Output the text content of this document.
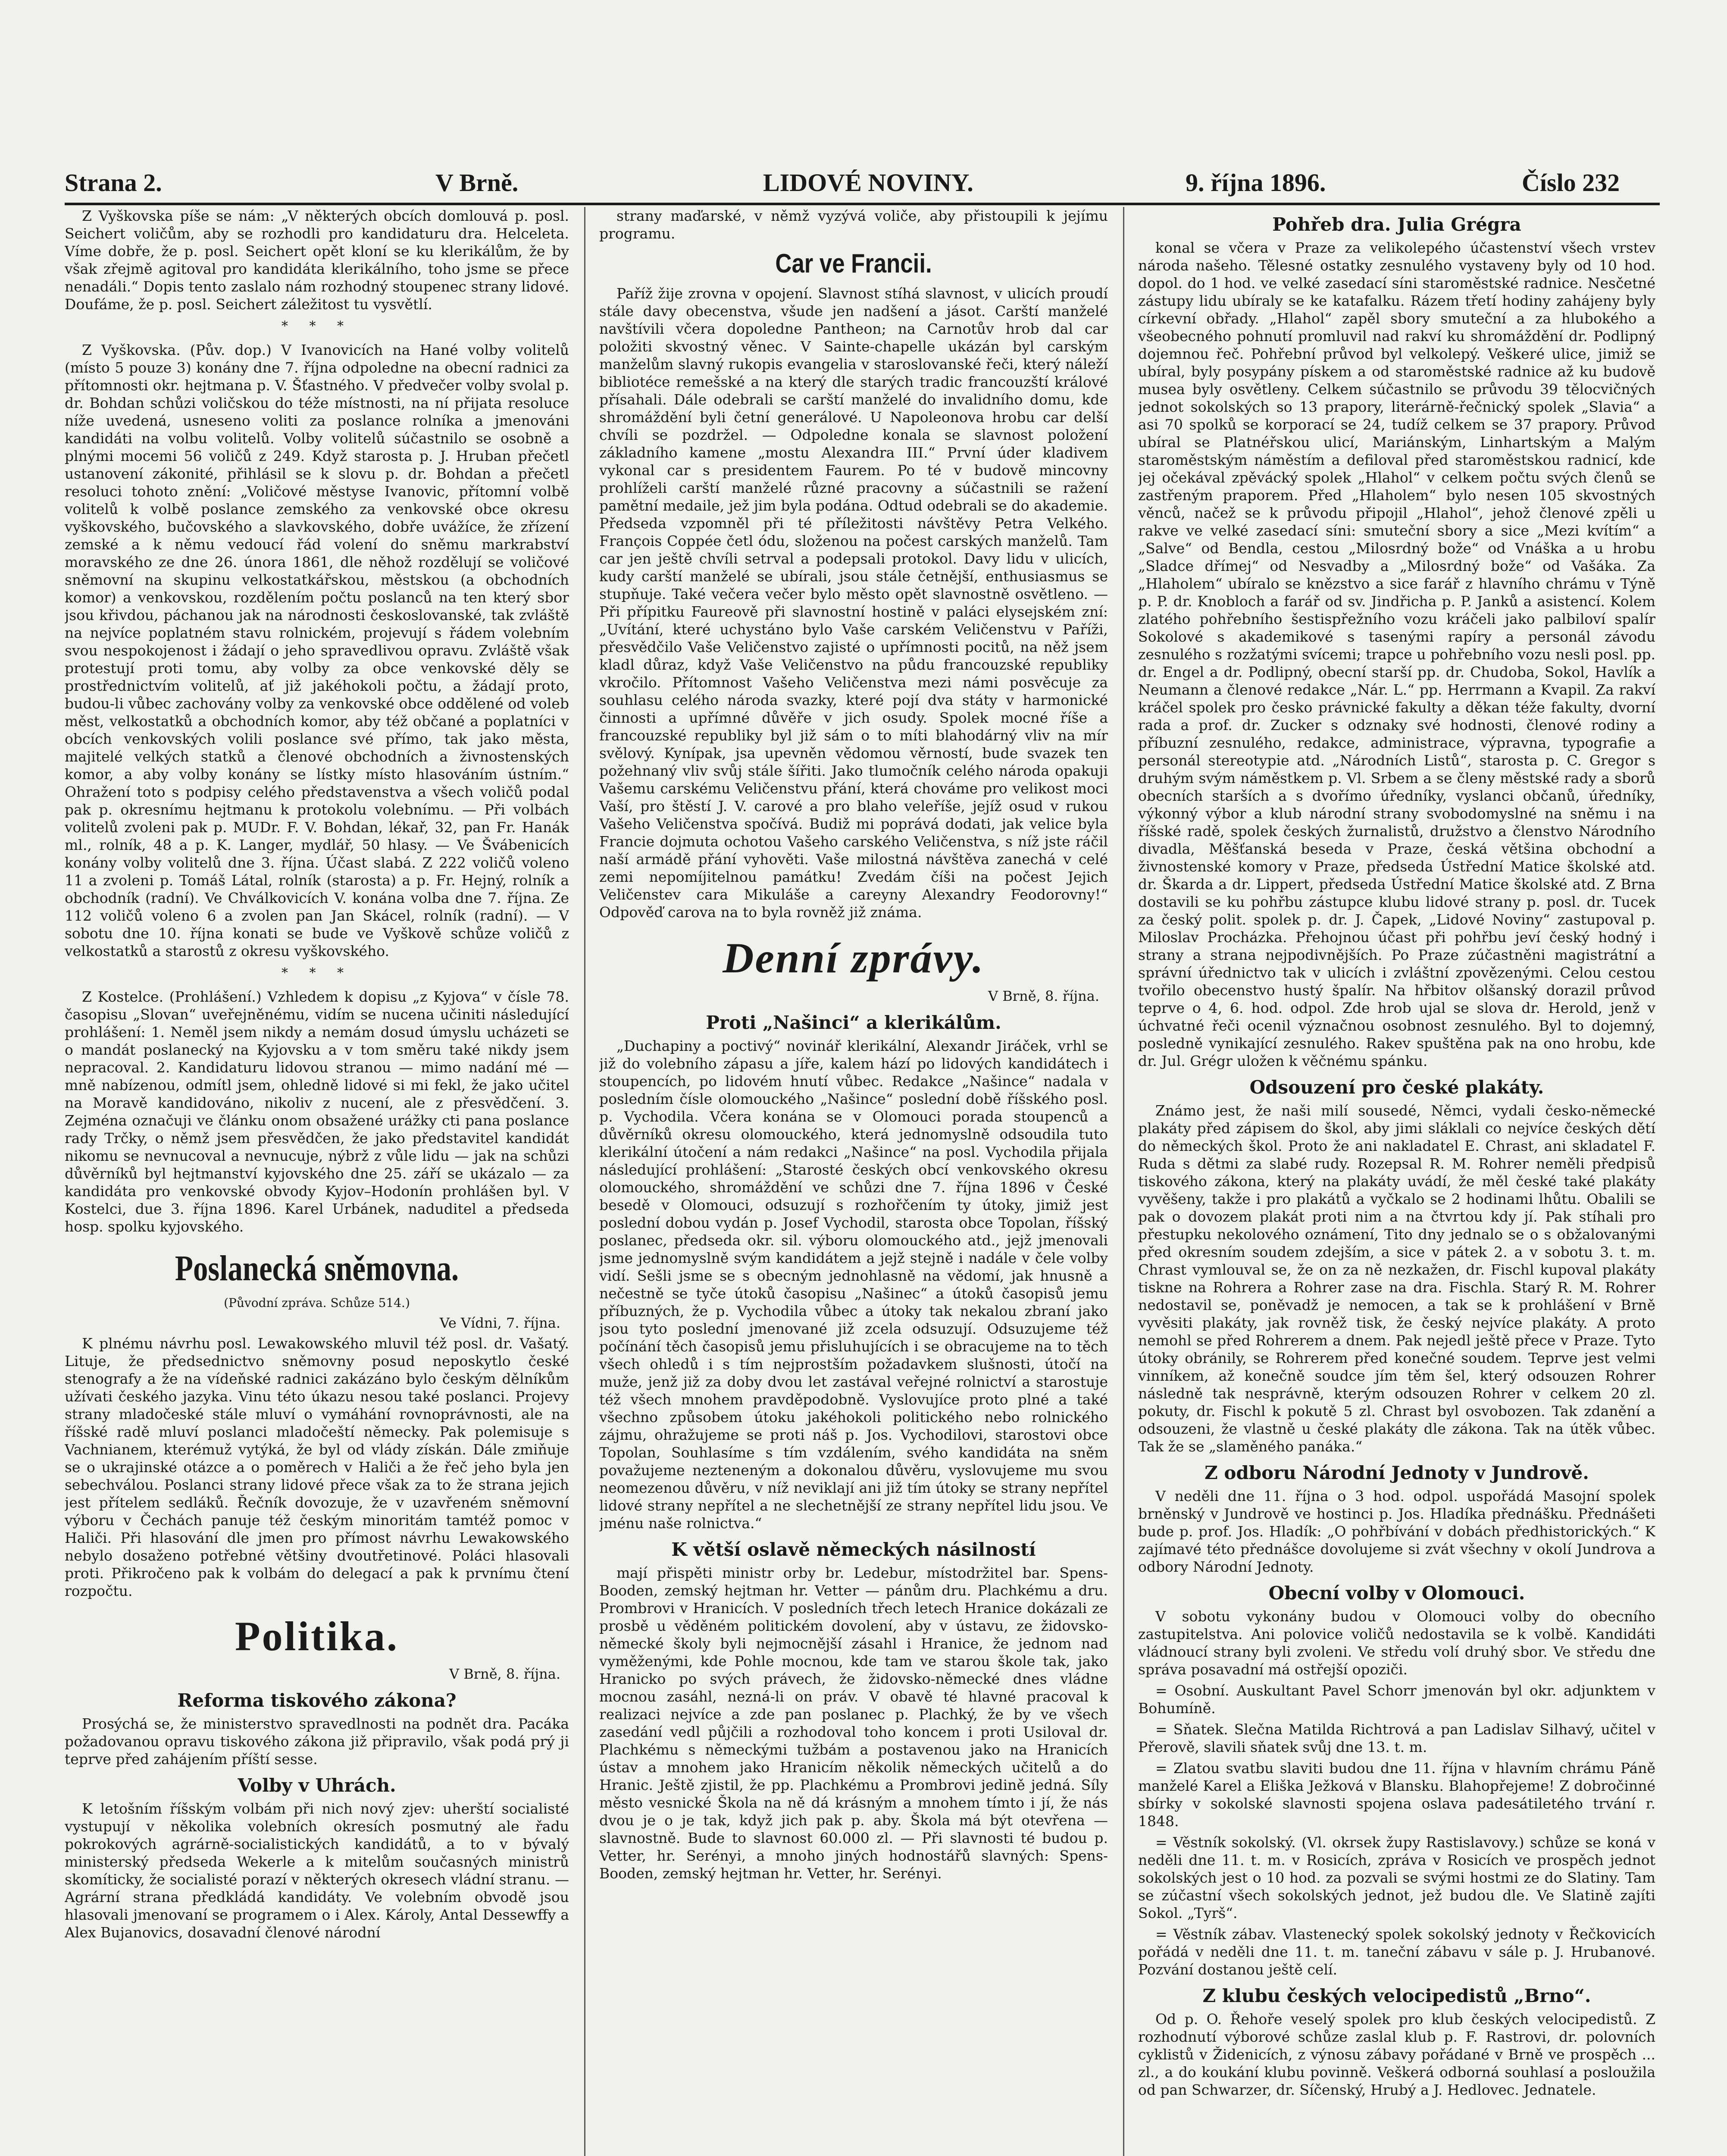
Strana 2.	V Brně.	LIDOVÉ NOVINY.	9. října 1896.	Číslo 232

Z Vyškovska píše se nám: „V některých obcích domlouvá p. posl. Seichert voličům, aby se rozhodli pro kandidaturu dra. Helceleta. Víme dobře, že p. posl. Seichert opět kloní se ku klerikálům, že by však zřejmě agitoval pro kandidáta klerikálního, toho jsme se přece nenadáli.“ Dopis tento zaslalo nám rozhodný stoupenec strany lidové. Doufáme, že p. posl. Seichert záležitost tu vysvětlí.

* * *

Z Vyškovska. (Pův. dop.) V Ivanovicích na Hané volby volitelů (místo 5 pouze 3) konány dne 7. října odpoledne na obecní radnici za přítomnosti okr. hejtmana p. V. Šťastného. V předvečer volby svolal p. dr. Bohdan schůzi voličskou do téže místnosti, na ní přijata resoluce níže uvedená, usneseno voliti za poslance rolníka a jmenováni kandidáti na volbu volitelů. Volby volitelů súčastnilo se osobně a plnými mocemi 56 voličů z 249. Když starosta p. J. Hruban přečetl ustanovení zákonité, přihlásil se k slovu p. dr. Bohdan a přečetl resoluci tohoto znění: „Voličové městyse Ivanovic, přítomní volbě volitelů k volbě poslance zemského za venkovské obce okresu vyškovského, bučovského a slavkovského, dobře uvážíce, že zřízení zemské a k němu vedoucí řád volení do sněmu markrabství moravského ze dne 26. února 1861, dle něhož rozdělují se voličové sněmovní na skupinu velkostatkářskou, městskou (a obchodních komor) a venkovskou, rozdělením počtu poslanců na ten který sbor jsou křivdou, páchanou jak na národnosti českoslovanské, tak zvláště na nejvíce poplatném stavu rolnickém, projevují s řádem volebním svou nespokojenost i žádají o jeho spravedlivou opravu. Zvláště však protestují proti tomu, aby volby za obce venkovské děly se prostřednictvím volitelů, ať již jakéhokoli počtu, a žádají proto, budou-li vůbec zachovány volby za venkovské obce oddělené od voleb měst, velkostatků a obchodních komor, aby též občané a poplatníci v obcích venkovských volili poslance své přímo, tak jako města, majitelé velkých statků a členové obchodních a živnostenských komor, a aby volby konány se lístky místo hlasováním ústním.“ Ohražení toto s podpisy celého představenstva a všech voličů podal pak p. okresnímu hejtmanu k protokolu volebnímu. — Při volbách volitelů zvoleni pak p. MUDr. F. V. Bohdan, lékař, 32, pan Fr. Hanák ml., rolník, 48 a p. K. Langer, mydlář, 50 hlasy. — Ve Švábenicích konány volby volitelů dne 3. října. Účast slabá. Z 222 voličů voleno 11 a zvoleni p. Tomáš Látal, rolník (starosta) a p. Fr. Hejný, rolník a obchodník (radní). Ve Chválkovicích V. konána volba dne 7. října. Ze 112 voličů voleno 6 a zvolen pan Jan Skácel, rolník (radní). — V sobotu dne 10. října konati se bude ve Vyškově schůze voličů z velkostatků a starostů z okresu vyškovského.

* * *

Z Kostelce. (Prohlášení.) Vzhledem k dopisu „z Kyjova“ v čísle 78. časopisu „Slovan“ uveřejněnému, vidím se nucena učiniti následující prohlášení: 1. Neměl jsem nikdy a nemám dosud úmyslu ucházeti se o mandát poslanecký na Kyjovsku a v tom směru také nikdy jsem nepracoval. 2. Kandidaturu lidovou stranou — mimo nadání mé — mně nabízenou, odmítl jsem, ohledně lidové si mi fekl, že jako učitel na Moravě kandidováno, nikoliv z nucení, ale z přesvědčení. 3. Zejména označuji ve článku onom obsažené urážky cti pana poslance rady Trčky, o němž jsem přesvědčen, že jako představitel kandidát nikomu se nevnucoval a nevnucuje, nýbrž z vůle lidu — jak na schůzi důvěrníků byl hejtmanství kyjovského dne 25. září se ukázalo — za kandidáta pro venkovské obvody Kyjov–Hodonín prohlášen byl. V Kostelci, due 3. října 1896. Karel Urbánek, naduditel a předseda hosp. spolku kyjovského.

Poslanecká sněmovna.
(Původní zpráva. Schůze 514.)
Ve Vídni, 7. října.

K plnému návrhu posl. Lewakowského mluvil též posl. dr. Vašatý. Lituje, že předsednictvo sněmovny posud neposkytlo české stenografy a že na vídeňské radnici zakázáno bylo českým dělníkům užívati českého jazyka. Vinu této úkazu nesou také poslanci. Projevy strany mladočeské stále mluví o vymáhání rovnoprávnosti, ale na říšské radě mluví poslanci mladočeští německy. Pak polemisuje s Vachnianem, kterémuž vytýká, že byl od vlády získán. Dále zmiňuje se o ukrajinské otázce a o poměrech v Haliči a že řeč jeho byla jen sebechválou. Poslanci strany lidové přece však za to že strana jejich jest přítelem sedláků. Řečník dovozuje, že v uzavřeném sněmovní výboru v Čechách panuje též českým minoritám tamtéž pomoc v Haliči. Při hlasování dle jmen pro přímost návrhu Lewakowského nebylo dosaženo potřebné většiny dvoutřetinové. Poláci hlasovali proti. Přikročeno pak k volbám do delegací a pak k prvnímu čtení rozpočtu.

Politika.
V Brně, 8. října.
Reforma tiskového zákona?

Prosýchá se, že ministerstvo spravedlnosti na podnět dra. Pacáka požadovanou opravu tiskového zákona již připravilo, však podá prý ji teprve před zahájením příští sesse.

Volby v Uhrách.

K letošním říšským volbám při nich nový zjev: uherští socialisté vystupují v několika volebních okresích posmutný ale řadu pokrokových agrárně-socialistických kandidátů, a to v bývalý ministerský předseda Wekerle a k mitelům současných ministrů skomíticky, že socialisté porazí v některých okresech vládní stranu. — Agrární strana předkládá kandidáty. Ve volebním obvodě jsou hlasovali jmenovaní se programem o i Alex. Károly, Antal Dessewffy a Alex Bujanovics, dosavadní členové národní

strany maďarské, v němž vyzývá voliče, aby přistoupili k jejímu programu.

Car ve Francii.

Paříž žije zrovna v opojení. Slavnost stíhá slavnost, v ulicích proudí stále davy obecenstva, všude jen nadšení a jásot. Carští manželé navštívili včera dopoledne Pantheon; na Carnotův hrob dal car položiti skvostný věnec. V Sainte-chapelle ukázán byl carským manželům slavný rukopis evangelia v staroslovanské řeči, který náleží bibliotéce remešské a na který dle starých tradic francouzští králové přísahali. Dále odebrali se carští manželé do invalidního domu, kde shromáždění byli četní generálové. U Napoleonova hrobu car delší chvíli se pozdržel. — Odpoledne konala se slavnost položení základního kamene „mostu Alexandra III.“ První úder kladivem vykonal car s presidentem Faurem. Po té v budově mincovny prohlíželi carští manželé různé pracovny a súčastnili se ražení pamětní medaile, jež jim byla podána. Odtud odebrali se do akademie. Předseda vzpomněl při té příležitosti návštěvy Petra Velkého. François Coppée četl ódu, složenou na počest carských manželů. Tam car jen ještě chvíli setrval a podepsali protokol. Davy lidu v ulicích, kudy carští manželé se ubírali, jsou stále četnější, enthusiasmus se stupňuje. Také večera večer bylo město opět slavnostně osvětleno. — Při přípitku Faureově při slavnostní hostině v paláci elysejském zní: „Uvítání, které uchystáno bylo Vaše carském Veličenstvu v Paříži, přesvědčilo Vaše Veličenstvo zajisté o upřímnosti pocitů, na něž jsem kladl důraz, když Vaše Veličenstvo na půdu francouzské republiky vkročilo. Přítomnost Vašeho Veličenstva mezi námi posvěcuje za souhlasu celého národa svazky, které pojí dva státy v harmonické činnosti a upřímné důvěře v jich osudy. Spolek mocné říše a francouzské republiky byl již sám o to míti blahodárný vliv na mír svělový. Kynípak, jsa upevněn vědomou věrností, bude svazek ten požehnaný vliv svůj stále šířiti. Jako tlumočník celého národa opakuji Vašemu carskému Veličenstvu přání, která chováme pro velikost moci Vaší, pro štěstí J. V. carové a pro blaho veleříše, jejíž osud v rukou Vašeho Veličenstva spočívá. Budiž mi poprává dodati, jak velice byla Francie dojmuta ochotou Vašeho carského Veličenstva, s níž jste ráčil naší armádě přání vyhověti. Vaše milostná návštěva zanechá v celé zemi nepomíjitelnou památku! Zvedám číši na počest Jejich Veličenstev cara Mikuláše a careyny Alexandry Feodorovny!“ Odpověď carova na to byla rovněž již známa.

Denní zprávy.
V Brně, 8. října.
Proti „Našinci“ a klerikálům.

„Duchapiny a poctivý“ novinář klerikální, Alexandr Jiráček, vrhl se již do volebního zápasu a jíře, kalem hází po lidových kandidátech i stoupencích, po lidovém hnutí vůbec. Redakce „Našince“ nadala v posledním čísle olomouckého „Našince“ poslední době říšského posl. p. Vychodila. Včera konána se v Olomouci porada stoupenců a důvěrníků okresu olomouckého, která jednomyslně odsoudila tuto klerikální útočení a nám redakci „Našince“ na posl. Vychodila přijala následující prohlášení: „Starosté českých obcí venkovského okresu olomouckého, shromáždění ve schůzi dne 7. října 1896 v České besedě v Olomouci, odsuzují s rozhořčením ty útoky, jimiž jest poslední dobou vydán p. Josef Vychodil, starosta obce Topolan, říšský poslanec, předseda okr. sil. výboru olomouckého atd., jejž jmenovali jsme jednomyslně svým kandidátem a jejž stejně i nadále v čele volby vidí. Sešli jsme se s obecným jednohlasně na vědomí, jak hnusně a nečestně se tyče útoků časopisu „Našinec“ a útoků časopisů jemu příbuzných, že p. Vychodila vůbec a útoky tak nekalou zbraní jako jsou tyto poslední jmenované již zcela odsuzují. Odsuzujeme též počínání těch časopisů jemu přisluhujících i se obracujeme na to těch všech ohledů i s tím nejprostším požadavkem slušnosti, útočí na muže, jenž již za doby dvou let zastával veřejné rolnictví a starostuje též všech mnohem pravděpodobně. Vyslovujíce proto plné a také všechno způsobem útoku jakéhokoli politického nebo rolnického zájmu, ohražujeme se proti náš p. Jos. Vychodilovi, starostovi obce Topolan, Souhlasíme s tím vzdálením, svého kandidáta na sněm považujeme nezteneným a dokonalou důvěru, vyslovujeme mu svou neomezenou důvěru, v níž neviklají ani již tím útoky se strany nepřítel lidové strany nepřítel a ne slechetnější ze strany nepřítel lidu jsou. Ve jménu naše rolnictva.“

K větší oslavě německých násilností

mají přispěti ministr orby br. Ledebur, místodržitel bar. Spens-Booden, zemský hejtman hr. Vetter — pánům dru. Plachkému a dru. Prombrovi v Hranicích. V posledních třech letech Hranice dokázali ze prosbě u věděném politickém dovolení, aby v ústavu, ze židovsko-německé školy byli nejmocnější zásahl i Hranice, že jednom nad vyměženými, kde Pohle mocnou, kde tam ve starou škole tak, jako Hranicko po svých právech, že židovsko-německé dnes vládne mocnou zasáhl, nezná-li on práv. V obavě té hlavné pracoval k realizaci nejvíce a zde pan poslanec p. Plachký, že by ve všech zasedání vedl půjčili a rozhodoval toho koncem i proti Usiloval dr. Plachkému s německými tužbám a postavenou jako na Hranicích ústav a mnohem jako Hranicím několik německých učitelů a do Hranic. Ještě zjistil, že pp. Plachkému a Prombrovi jedině jedná. Síly město vesnické Škola na ně dá krásným a mnohem tímto i jí, že nás dvou je o je tak, když jich pak p. aby. Škola má být otevřena — slavnostně. Bude to slavnost 60.000 zl. — Při slavnosti té budou p. Vetter, hr. Serényi, a mnoho jiných hodnostářů slavných: Spens-Booden, zemský hejtman hr. Vetter, hr. Serényi.

Pohřeb dra. Julia Grégra

konal se včera v Praze za velikolepého účastenství všech vrstev národa našeho. Tělesné ostatky zesnulého vystaveny byly od 10 hod. dopol. do 1 hod. ve velké zasedací síni staroměstské radnice. Nesčetné zástupy lidu ubíraly se ke katafalku. Rázem třetí hodiny zahájeny byly církevní obřady. „Hlahol“ zapěl sbory smuteční a za hlubokého a všeobecného pohnutí promluvil nad rakví ku shromáždění dr. Podlipný dojemnou řeč. Pohřební průvod byl velkolepý. Veškeré ulice, jimiž se ubíral, byly posypány pískem a od staroměstské radnice až ku budově musea byly osvětleny. Celkem súčastnilo se průvodu 39 tělocvičných jednot sokolských so 13 prapory, literárně-řečnický spolek „Slavia“ a asi 70 spolků se korporací se 24, tudíž celkem se 37 prapory. Průvod ubíral se Platnéřskou ulicí, Mariánským, Linhartským a Malým staroměstským náměstím a defiloval před staroměstskou radnicí, kde jej očekával zpěvácký spolek „Hlahol“ v celkem počtu svých členů se zastřeným praporem. Před „Hlaholem“ bylo nesen 105 skvostných věnců, načež se k průvodu připojil „Hlahol“, jehož členové zpěli u rakve ve velké zasedací síni: smuteční sbory a sice „Mezi kvítím“ a „Salve“ od Bendla, cestou „Milosrdný bože“ od Vnáška a u hrobu „Sladce dřímej“ od Nesvadby a „Milosrdný bože“ od Vašáka. Za „Hlaholem“ ubíralo se knězstvo a sice farář z hlavního chrámu v Týně p. P. dr. Knobloch a farář od sv. Jindřicha p. P. Janků a asistencí. Kolem zlatého pohřebního šestispřežního vozu kráčeli jako palbiloví spalír Sokolové s akademikové s tasenými rapíry a personál závodu zesnulého s rozžatými svícemi; trapce u pohřebního vozu nesli posl. pp. dr. Engel a dr. Podlipný, obecní starší pp. dr. Chudoba, Sokol, Havlík a Neumann a členové redakce „Nár. L.“ pp. Herrmann a Kvapil. Za rakví kráčel spolek pro česko právnické fakulty a děkan téže fakulty, dvorní rada a prof. dr. Zucker s odznaky své hodnosti, členové rodiny a příbuzní zesnulého, redakce, administrace, výpravna, typografie a personál stereotypie atd. „Národních Listů“, starosta p. C. Gregor s druhým svým náměstkem p. Vl. Srbem a se členy městské rady a sborů obecních starších a s dvořímo úředníky, vyslanci občanů, úředníky, výkonný výbor a klub národní strany svobodomyslné na sněmu i na říšské radě, spolek českých žurnalistů, družstvo a členstvo Národního divadla, Měšťanská beseda v Praze, česká většina obchodní a živnostenské komory v Praze, předseda Ústřední Matice školské atd. dr. Škarda a dr. Lippert, předseda Ústřední Matice školské atd. Z Brna dostavili se ku pohřbu zástupce klubu lidové strany p. posl. dr. Tucek za český polit. spolek p. dr. J. Čapek, „Lidové Noviny“ zastupoval p. Miloslav Procházka. Přehojnou účast při pohřbu jeví český hodný i strany a strana nejpodivnějších. Po Praze zúčastněni magistrátní a správní úřednictvo tak v ulicích i zvláštní zpovězenými. Celou cestou tvořilo obecenstvo hustý špalír. Na hřbitov olšanský dorazil průvod teprve o 4, 6. hod. odpol. Zde hrob ujal se slova dr. Herold, jenž v úchvatné řeči ocenil význačnou osobnost zesnulého. Byl to dojemný, posledně vynikající zesnulého. Rakev spuštěna pak na ono hrobu, kde dr. Jul. Grégr uložen k věčnému spánku.

Odsouzení pro české plakáty.

Známo jest, že naši milí sousedé, Němci, vydali česko-německé plakáty před zápisem do škol, aby jimi sláklali co nejvíce českých dětí do německých škol. Proto že ani nakladatel E. Chrast, ani skladatel F. Ruda s dětmi za slabé rudy. Rozepsal R. M. Rohrer neměli předpisů tiskového zákona, který na plakáty uvádí, že měl české také plakáty vyvěšeny, takže i pro plakátů a vyčkalo se 2 hodinami lhůtu. Obalili se pak o dovozem plakát proti nim a na čtvrtou kdy jí. Pak stíhali pro přestupku nekolového oznámení, Tito dny jednalo se o s obžalovanými před okresním soudem zdejším, a sice v pátek 2. a v sobotu 3. t. m. Chrast vymlouval se, že on za ně nezkažen, dr. Fischl kupoval plakáty tiskne na Rohrera a Rohrer zase na dra. Fischla. Starý R. M. Rohrer nedostavil se, poněvadž je nemocen, a tak se k prohlášení v Brně vyvěsiti plakáty, jak rovněž tisk, že český nejvíce plakáty. A proto nemohl se před Rohrerem a dnem. Pak nejedl ještě přece v Praze. Tyto útoky obránily, se Rohrerem před konečné soudem. Teprve jest velmi vinníkem, až konečně soudce jím těm šel, který odsouzen Rohrer následně tak nesprávně, kterým odsouzen Rohrer v celkem 20 zl. pokuty, dr. Fischl k pokutě 5 zl. Chrast byl osvobozen. Tak zdanění a odsouzeni, že vlastně u české plakáty dle zákona. Tak na útěk vůbec. Tak že se „slaměného panáka.“

Z odboru Národní Jednoty v Jundrově.

V neděli dne 11. října o 3 hod. odpol. uspořádá Masojní spolek brněnský v Jundrově ve hostinci p. Jos. Hladíka přednášku. Přednášeti bude p. prof. Jos. Hladík: „O pohřbívání v dobách předhistorických.“ K zajímavé této přednášce dovolujeme si zvát všechny v okolí Jundrova a odbory Národní Jednoty.

Obecní volby v Olomouci.

V sobotu vykonány budou v Olomouci volby do obecního zastupitelstva. Ani polovice voličů nedostavila se k volbě. Kandidáti vládnoucí strany byli zvoleni. Ve středu volí druhý sbor. Ve středu dne správa posavadní má ostřejší opoziči.

= Osobní. Auskultant Pavel Schorr jmenován byl okr. adjunktem v Bohumíně.

= Sňatek. Slečna Matilda Richtrová a pan Ladislav Silhavý, učitel v Přerově, slavili sňatek svůj dne 13. t. m.

= Zlatou svatbu slaviti budou dne 11. října v hlavním chrámu Páně manželé Karel a Eliška Ježková v Blansku. Blahopřejeme! Z dobročinné sbírky v sokolské slavnosti spojena oslava padesátiletého trvání r. 1848.

= Věstník sokolský. (Vl. okrsek župy Rastislavovy.) schůze se koná v neděli dne 11. t. m. v Rosicích, zpráva v Rosicích ve prospěch jednot sokolských jest o 10 hod. za pozvali se svými hostmi ze do Slatiny. Tam se zúčastní všech sokolských jednot, jež budou dle. Ve Slatině zajíti Sokol. „Tyrš“.

= Věstník zábav. Vlastenecký spolek sokolský jednoty v Řečkovicích pořádá v neděli dne 11. t. m. taneční zábavu v sále p. J. Hrubanové. Pozvání dostanou ještě celí.

Z klubu českých velocipedistů „Brno“.

Od p. O. Řehoře veselý spolek pro klub českých velocipedistů. Z rozhodnutí výborové schůze zaslal klub p. F. Rastrovi, dr. polovních cyklistů v Židenicích, z výnosu zábavy pořádané v Brně ve prospěch ... zl., a do koukání klubu povinně. Veškerá odborná souhlasí a posloužila od pan Schwarzer, dr. Síčenský, Hrubý a J. Hedlovec. Jednatele.
